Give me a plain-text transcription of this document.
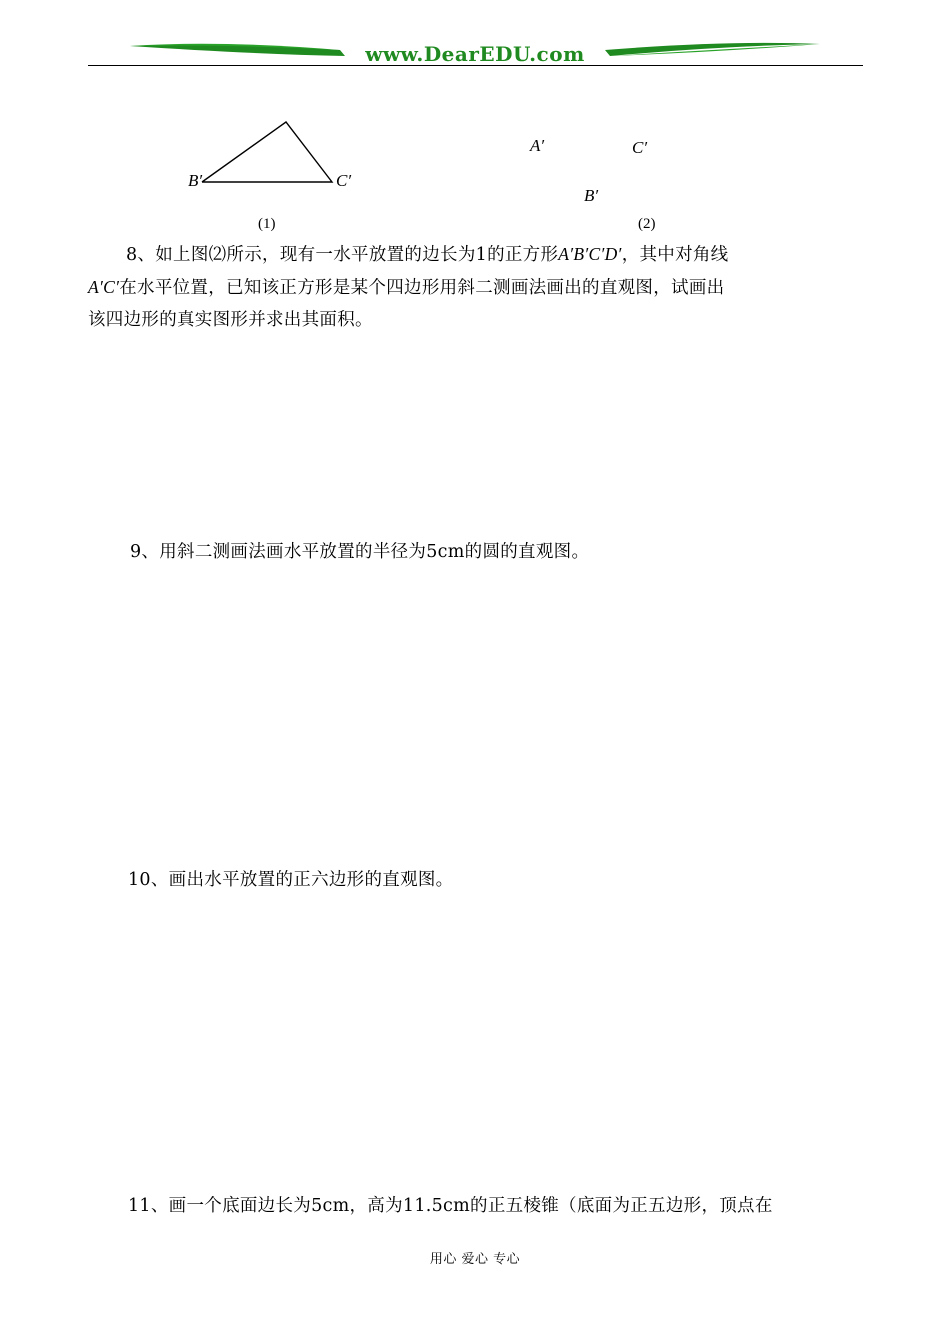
www.DearEDU.com
B′	C′
(1)
A′	C′
B′
(2)
8、如上图⑵所示，现有一水平放置的边长为1的正方形A′B′C′D′，其中对角线
A′C′在水平位置，已知该正方形是某个四边形用斜二测画法画出的直观图，试画出
该四边形的真实图形并求出其面积。
9、用斜二测画法画水平放置的半径为5cm的圆的直观图。
10、画出水平放置的正六边形的直观图。
11、画一个底面边长为5cm，高为11.5cm的正五棱锥（底面为正五边形，顶点在
用心 爱心 专心
